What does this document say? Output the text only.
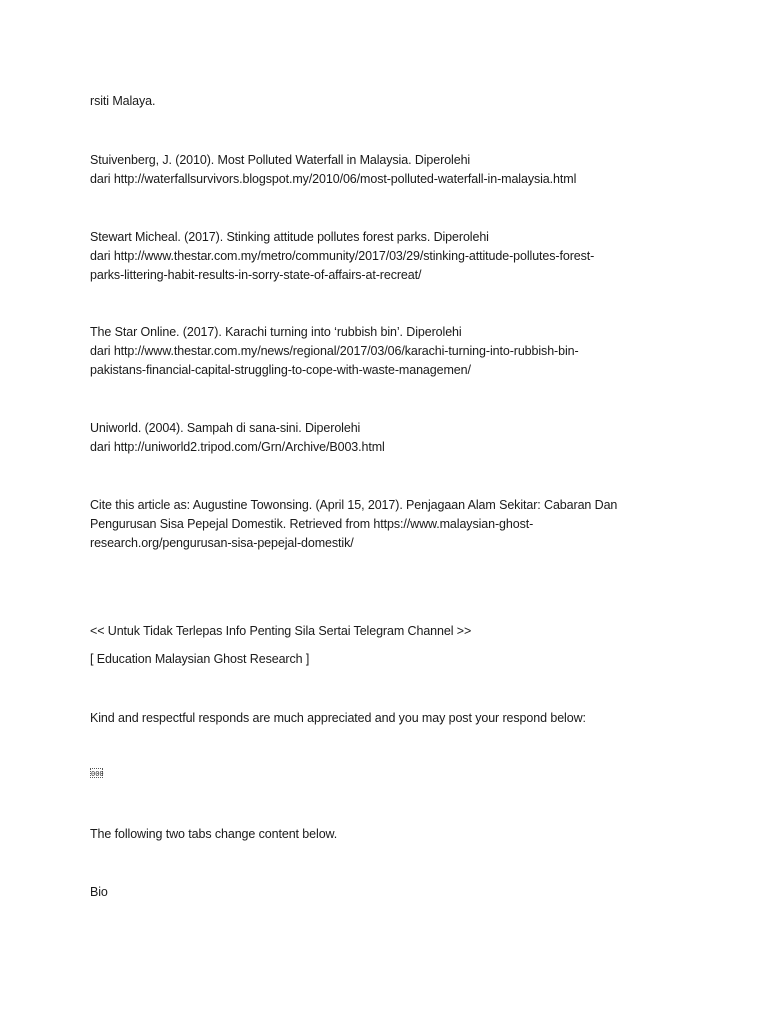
rsiti Malaya.
Stuivenberg, J. (2010). Most Polluted Waterfall in Malaysia. Diperolehi
dari http://waterfallsurvivors.blogspot.my/2010/06/most-polluted-waterfall-in-malaysia.html
Stewart Micheal. (2017). Stinking attitude pollutes forest parks. Diperolehi
dari http://www.thestar.com.my/metro/community/2017/03/29/stinking-attitude-pollutes-forest-
parks-littering-habit-results-in-sorry-state-of-affairs-at-recreat/
The Star Online. (2017). Karachi turning into ‘rubbish bin’. Diperolehi
dari http://www.thestar.com.my/news/regional/2017/03/06/karachi-turning-into-rubbish-bin-
pakistans-financial-capital-struggling-to-cope-with-waste-managemen/
Uniworld. (2004). Sampah di sana-sini. Diperolehi
dari http://uniworld2.tripod.com/Grn/Archive/B003.html
Cite this article as: Augustine Towonsing. (April 15, 2017). Penjagaan Alam Sekitar: Cabaran Dan
Pengurusan Sisa Pepejal Domestik. Retrieved from https://www.malaysian-ghost-
research.org/pengurusan-sisa-pepejal-domestik/
<< Untuk Tidak Terlepas Info Penting Sila Sertai Telegram Channel >>
[ Education Malaysian Ghost Research ]
Kind and respectful responds are much appreciated and you may post your respond below:
000
The following two tabs change content below.
Bio
